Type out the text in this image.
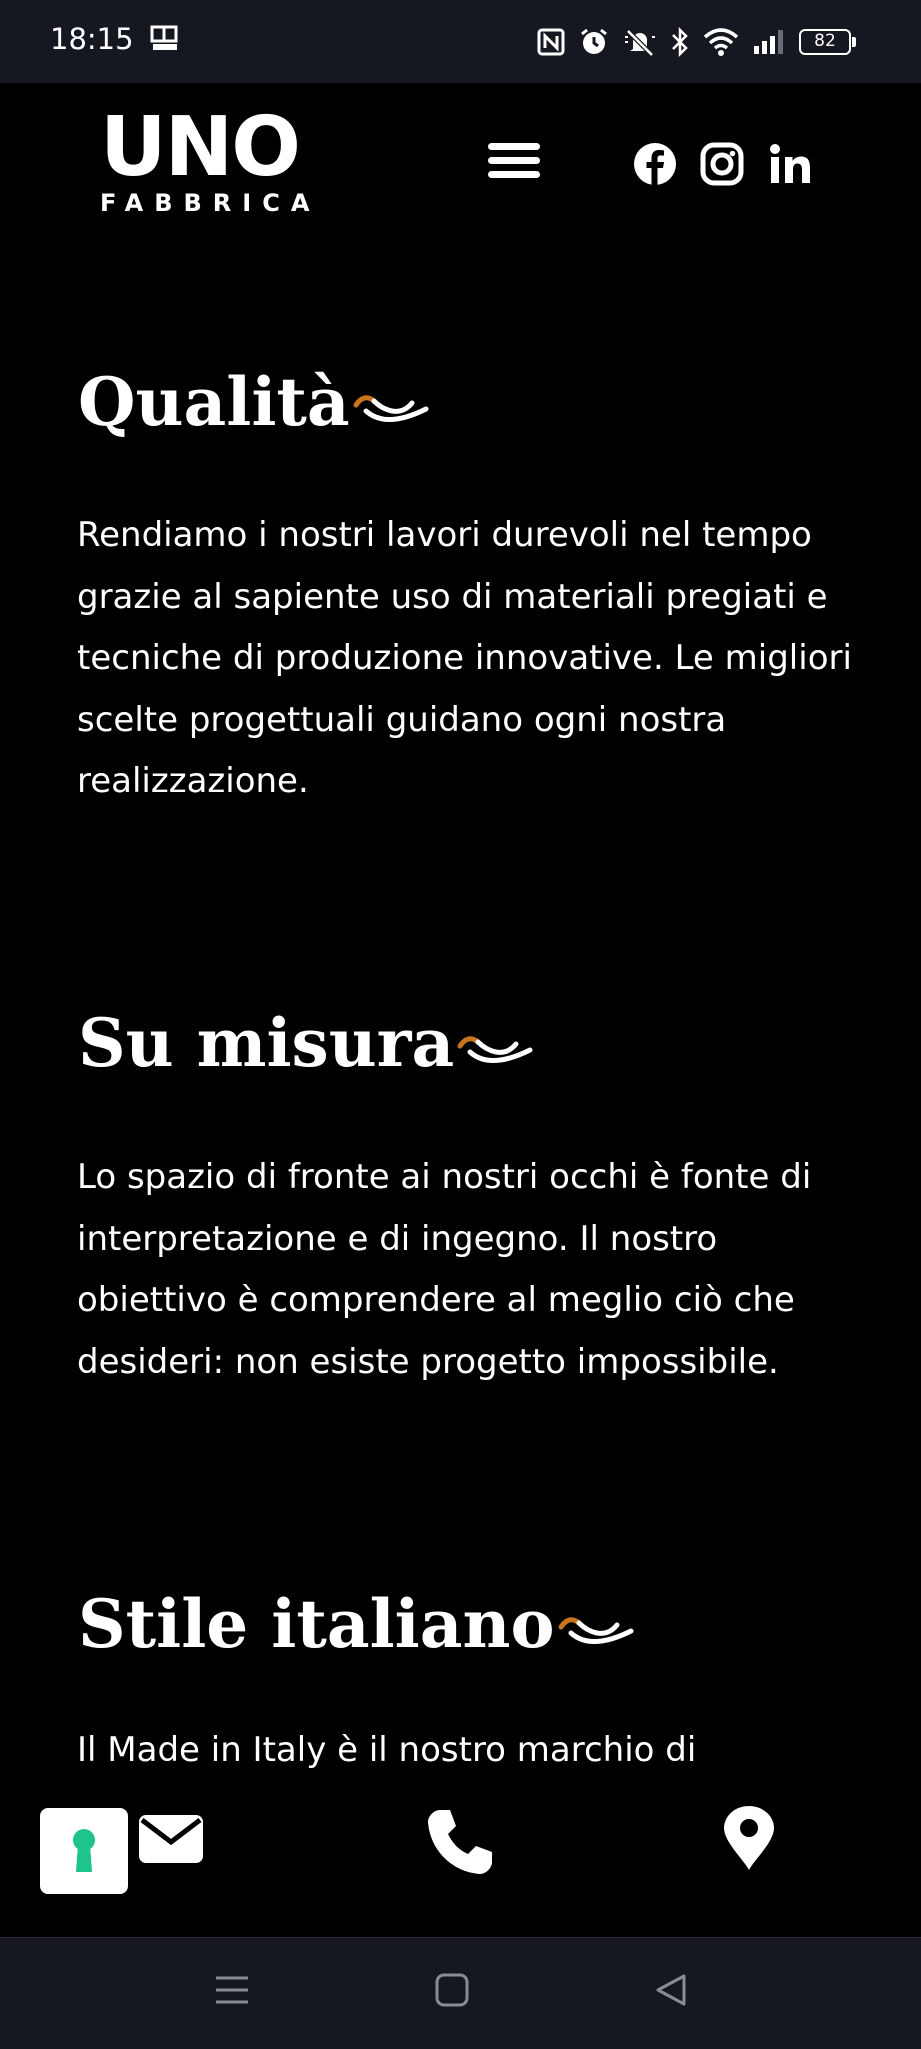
18:15	82
UNO
FABBRICA
Qualità
Rendiamo i nostri lavori durevoli nel tempo grazie al sapiente uso di materiali pregiati e tecniche di produzione innovative. Le migliori scelte progettuali guidano ogni nostra realizzazione.
Su misura
Lo spazio di fronte ai nostri occhi è fonte di interpretazione e di ingegno. Il nostro obiettivo è comprendere al meglio ciò che desideri: non esiste progetto impossibile.
Stile italiano
Il Made in Italy è il nostro marchio di
